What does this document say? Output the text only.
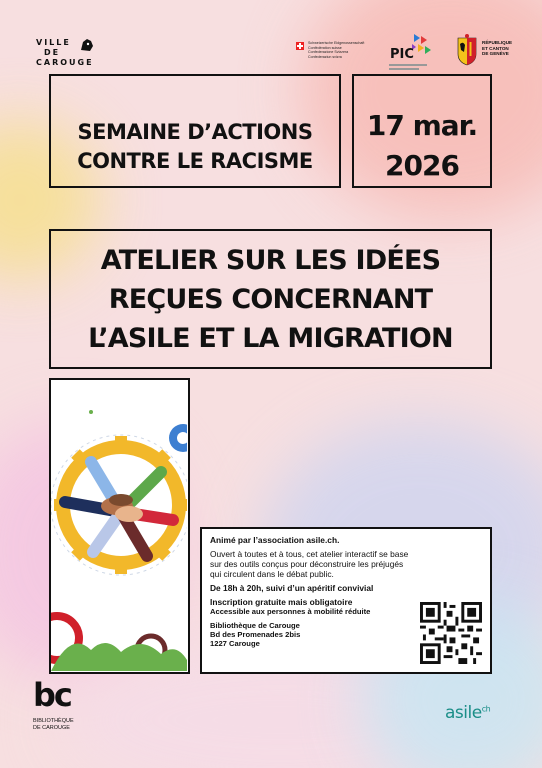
VILLE
DE
CAROUGE
Schweizerische Eidgenossenschaft
Confédération suisse
Confederazione Svizzera
Confederaziun svizra	PIC
RÉPUBLIQUE
ET CANTON
DE GENÈVE
SEMAINE D’ACTIONS
CONTRE LE RACISME
17 mar.
2026
ATELIER SUR LES IDÉES
REÇUES CONCERNANT
L’ASILE ET LA MIGRATION
Animé par l’association asile.ch.
Ouvert à toutes et à tous, cet atelier interactif se base
sur des outils conçus pour déconstruire les préjugés
qui circulent dans le débat public.
De 18h à 20h, suivi d’un apéritif convivial
Inscription gratuite mais obligatoire
Accessible aux personnes à mobilité réduite
Bibliothèque de Carouge
Bd des Promenades 2bis
1227 Carouge
bc
BIBLIOTHÈQUE
DE CAROUGE
asile$^{ch}$
